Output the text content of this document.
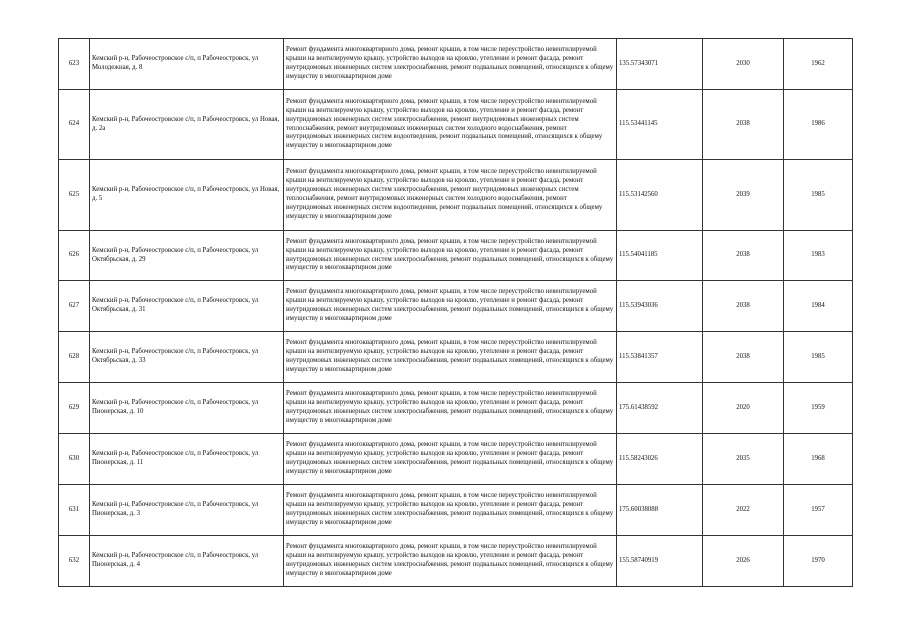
623	Кемский р-н, Рабочеостровское с/п, п Рабочеостровск, ул Молодежная, д. 8	Ремонт фундамента многоквартирного дома, ремонт крыши, в том числе переустройство невентилируемой крыши на вентилируемую крышу, устройство выходов на кровлю, утепление и ремонт фасада, ремонт внутридомовых инженерных систем электроснабжения, ремонт подвальных помещений, относящихся к общему имуществу в многоквартирном доме	135.57343071	2030	1962
624	Кемский р-н, Рабочеостровское с/п, п Рабочеостровск, ул Новая, д. 2а	Ремонт фундамента многоквартирного дома, ремонт крыши, в том числе переустройство невентилируемой крыши на вентилируемую крышу, устройство выходов на кровлю, утепление и ремонт фасада, ремонт внутридомовых инженерных систем электроснабжения, ремонт внутридомовых инженерных систем теплоснабжения, ремонт внутридомовых инженерных систем холодного водоснабжения, ремонт внутридомовых инженерных систем водоотведения, ремонт подвальных помещений, относящихся к общему имуществу в многоквартирном доме	115.53441145	2038	1986
625	Кемский р-н, Рабочеостровское с/п, п Рабочеостровск, ул Новая, д. 5	Ремонт фундамента многоквартирного дома, ремонт крыши, в том числе переустройство невентилируемой крыши на вентилируемую крышу, устройство выходов на кровлю, утепление и ремонт фасада, ремонт внутридомовых инженерных систем электроснабжения, ремонт внутридомовых инженерных систем теплоснабжения, ремонт внутридомовых инженерных систем холодного водоснабжения, ремонт внутридомовых инженерных систем водоотведения, ремонт подвальных помещений, относящихся к общему имуществу в многоквартирном доме	115.53142560	2039	1985
626	Кемский р-н, Рабочеостровское с/п, п Рабочеостровск, ул Октябрьская, д. 29	Ремонт фундамента многоквартирного дома, ремонт крыши, в том числе переустройство невентилируемой крыши на вентилируемую крышу, устройство выходов на кровлю, утепление и ремонт фасада, ремонт внутридомовых инженерных систем электроснабжения, ремонт подвальных помещений, относящихся к общему имуществу в многоквартирном доме	115.54041185	2038	1983
627	Кемский р-н, Рабочеостровское с/п, п Рабочеостровск, ул Октябрьская, д. 31	Ремонт фундамента многоквартирного дома, ремонт крыши, в том числе переустройство невентилируемой крыши на вентилируемую крышу, устройство выходов на кровлю, утепление и ремонт фасада, ремонт внутридомовых инженерных систем электроснабжения, ремонт подвальных помещений, относящихся к общему имуществу в многоквартирном доме	115.53943036	2038	1984
628	Кемский р-н, Рабочеостровское с/п, п Рабочеостровск, ул Октябрьская, д. 33	Ремонт фундамента многоквартирного дома, ремонт крыши, в том числе переустройство невентилируемой крыши на вентилируемую крышу, устройство выходов на кровлю, утепление и ремонт фасада, ремонт внутридомовых инженерных систем электроснабжения, ремонт подвальных помещений, относящихся к общему имуществу в многоквартирном доме	115.53841357	2038	1985
629	Кемский р-н, Рабочеостровское с/п, п Рабочеостровск, ул Пионерская, д. 10	Ремонт фундамента многоквартирного дома, ремонт крыши, в том числе переустройство невентилируемой крыши на вентилируемую крышу, устройство выходов на кровлю, утепление и ремонт фасада, ремонт внутридомовых инженерных систем электроснабжения, ремонт подвальных помещений, относящихся к общему имуществу в многоквартирном доме	175.61438592	2020	1959
630	Кемский р-н, Рабочеостровское с/п, п Рабочеостровск, ул Пионерская, д. 11	Ремонт фундамента многоквартирного дома, ремонт крыши, в том числе переустройство невентилируемой крыши на вентилируемую крышу, устройство выходов на кровлю, утепление и ремонт фасада, ремонт внутридомовых инженерных систем электроснабжения, ремонт подвальных помещений, относящихся к общему имуществу в многоквартирном доме	115.58243026	2035	1968
631	Кемский р-н, Рабочеостровское с/п, п Рабочеостровск, ул Пионерская, д. 3	Ремонт фундамента многоквартирного дома, ремонт крыши, в том числе переустройство невентилируемой крыши на вентилируемую крышу, устройство выходов на кровлю, утепление и ремонт фасада, ремонт внутридомовых инженерных систем электроснабжения, ремонт подвальных помещений, относящихся к общему имуществу в многоквартирном доме	175.60038088	2022	1957
632	Кемский р-н, Рабочеостровское с/п, п Рабочеостровск, ул Пионерская, д. 4	Ремонт фундамента многоквартирного дома, ремонт крыши, в том числе переустройство невентилируемой крыши на вентилируемую крышу, устройство выходов на кровлю, утепление и ремонт фасада, ремонт внутридомовых инженерных систем электроснабжения, ремонт подвальных помещений, относящихся к общему имуществу в многоквартирном доме	155.58740919	2026	1970
